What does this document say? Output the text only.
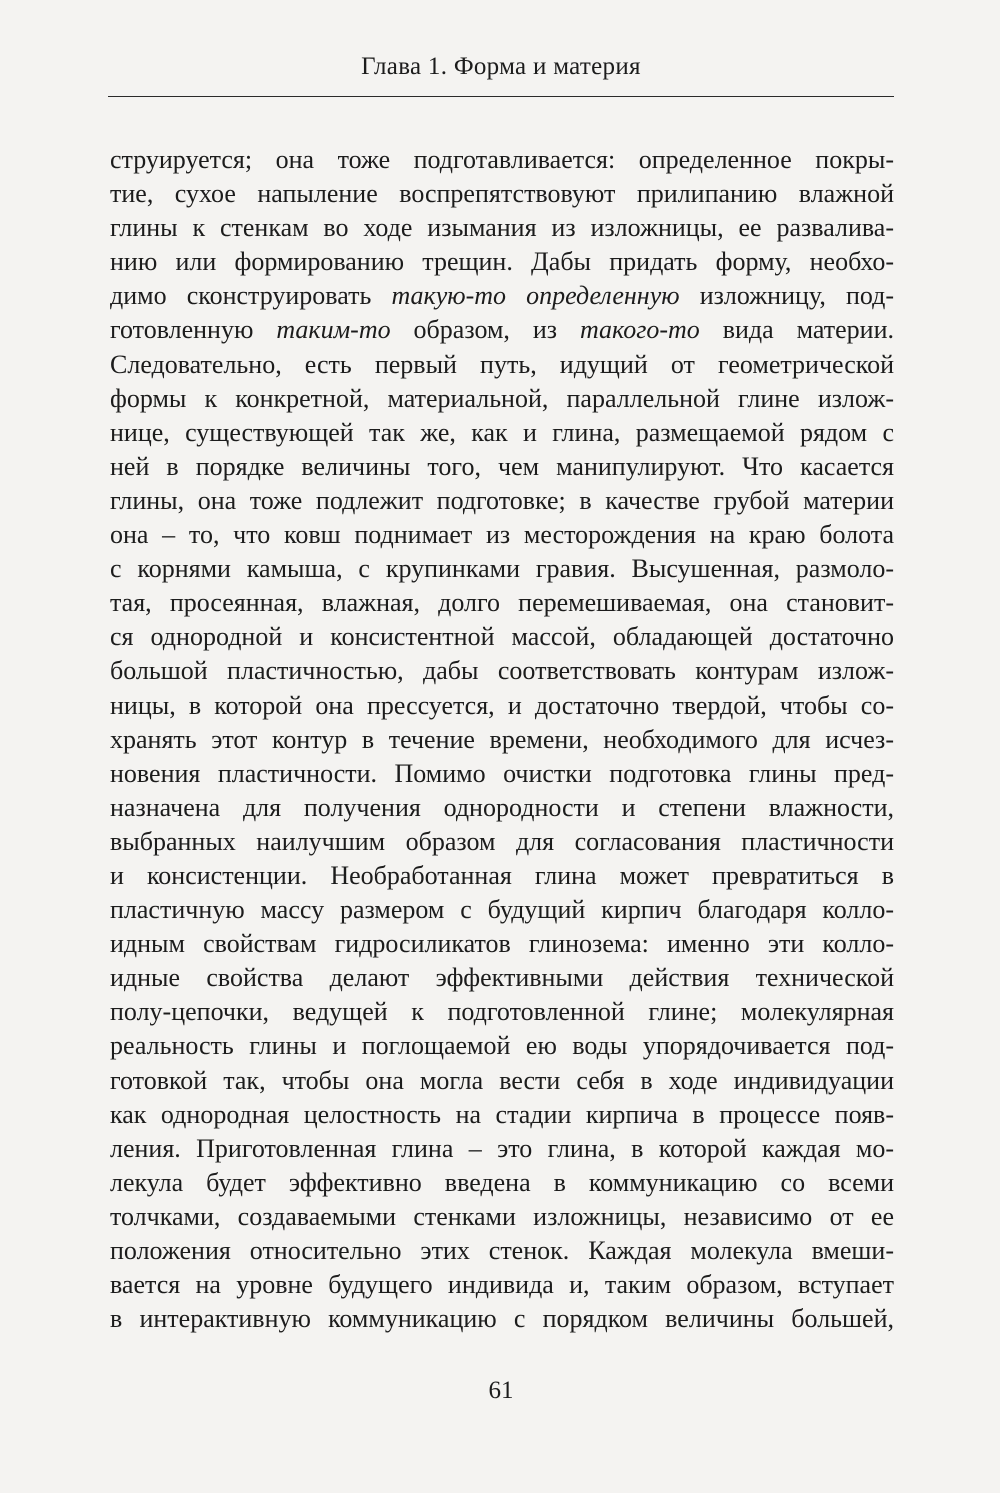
Глава 1. Форма и материя
струируется; она тоже подготавливается: определенное покры-
тие, сухое напыление воспрепятствовуют прилипанию влажной
глины к стенкам во ходе изымания из изложницы, ее развалива-
нию или формированию трещин. Дабы придать форму, необхо-
димо сконструировать такую-то определенную изложницу, под-
готовленную таким-то образом, из такого-то вида материи.
Следовательно, есть первый путь, идущий от геометрической
формы к конкретной, материальной, параллельной глине излож-
нице, существующей так же, как и глина, размещаемой рядом с
ней в порядке величины того, чем манипулируют. Что касается
глины, она тоже подлежит подготовке; в качестве грубой материи
она – то, что ковш поднимает из месторождения на краю болота
с корнями камыша, с крупинками гравия. Высушенная, размоло-
тая, просеянная, влажная, долго перемешиваемая, она становит-
ся однородной и консистентной массой, обладающей достаточно
большой пластичностью, дабы соответствовать контурам излож-
ницы, в которой она прессуется, и достаточно твердой, чтобы со-
хранять этот контур в течение времени, необходимого для исчез-
новения пластичности. Помимо очистки подготовка глины пред-
назначена для получения однородности и степени влажности,
выбранных наилучшим образом для согласования пластичности
и консистенции. Необработанная глина может превратиться в
пластичную массу размером с будущий кирпич благодаря колло-
идным свойствам гидросиликатов глинозема: именно эти колло-
идные свойства делают эффективными действия технической
полу-цепочки, ведущей к подготовленной глине; молекулярная
реальность глины и поглощаемой ею воды упорядочивается под-
готовкой так, чтобы она могла вести себя в ходе индивидуации
как однородная целостность на стадии кирпича в процессе появ-
ления. Приготовленная глина – это глина, в которой каждая мо-
лекула будет эффективно введена в коммуникацию со всеми
толчками, создаваемыми стенками изложницы, независимо от ее
положения относительно этих стенок. Каждая молекула вмеши-
вается на уровне будущего индивида и, таким образом, вступает
в интерактивную коммуникацию с порядком величины большей,
61
